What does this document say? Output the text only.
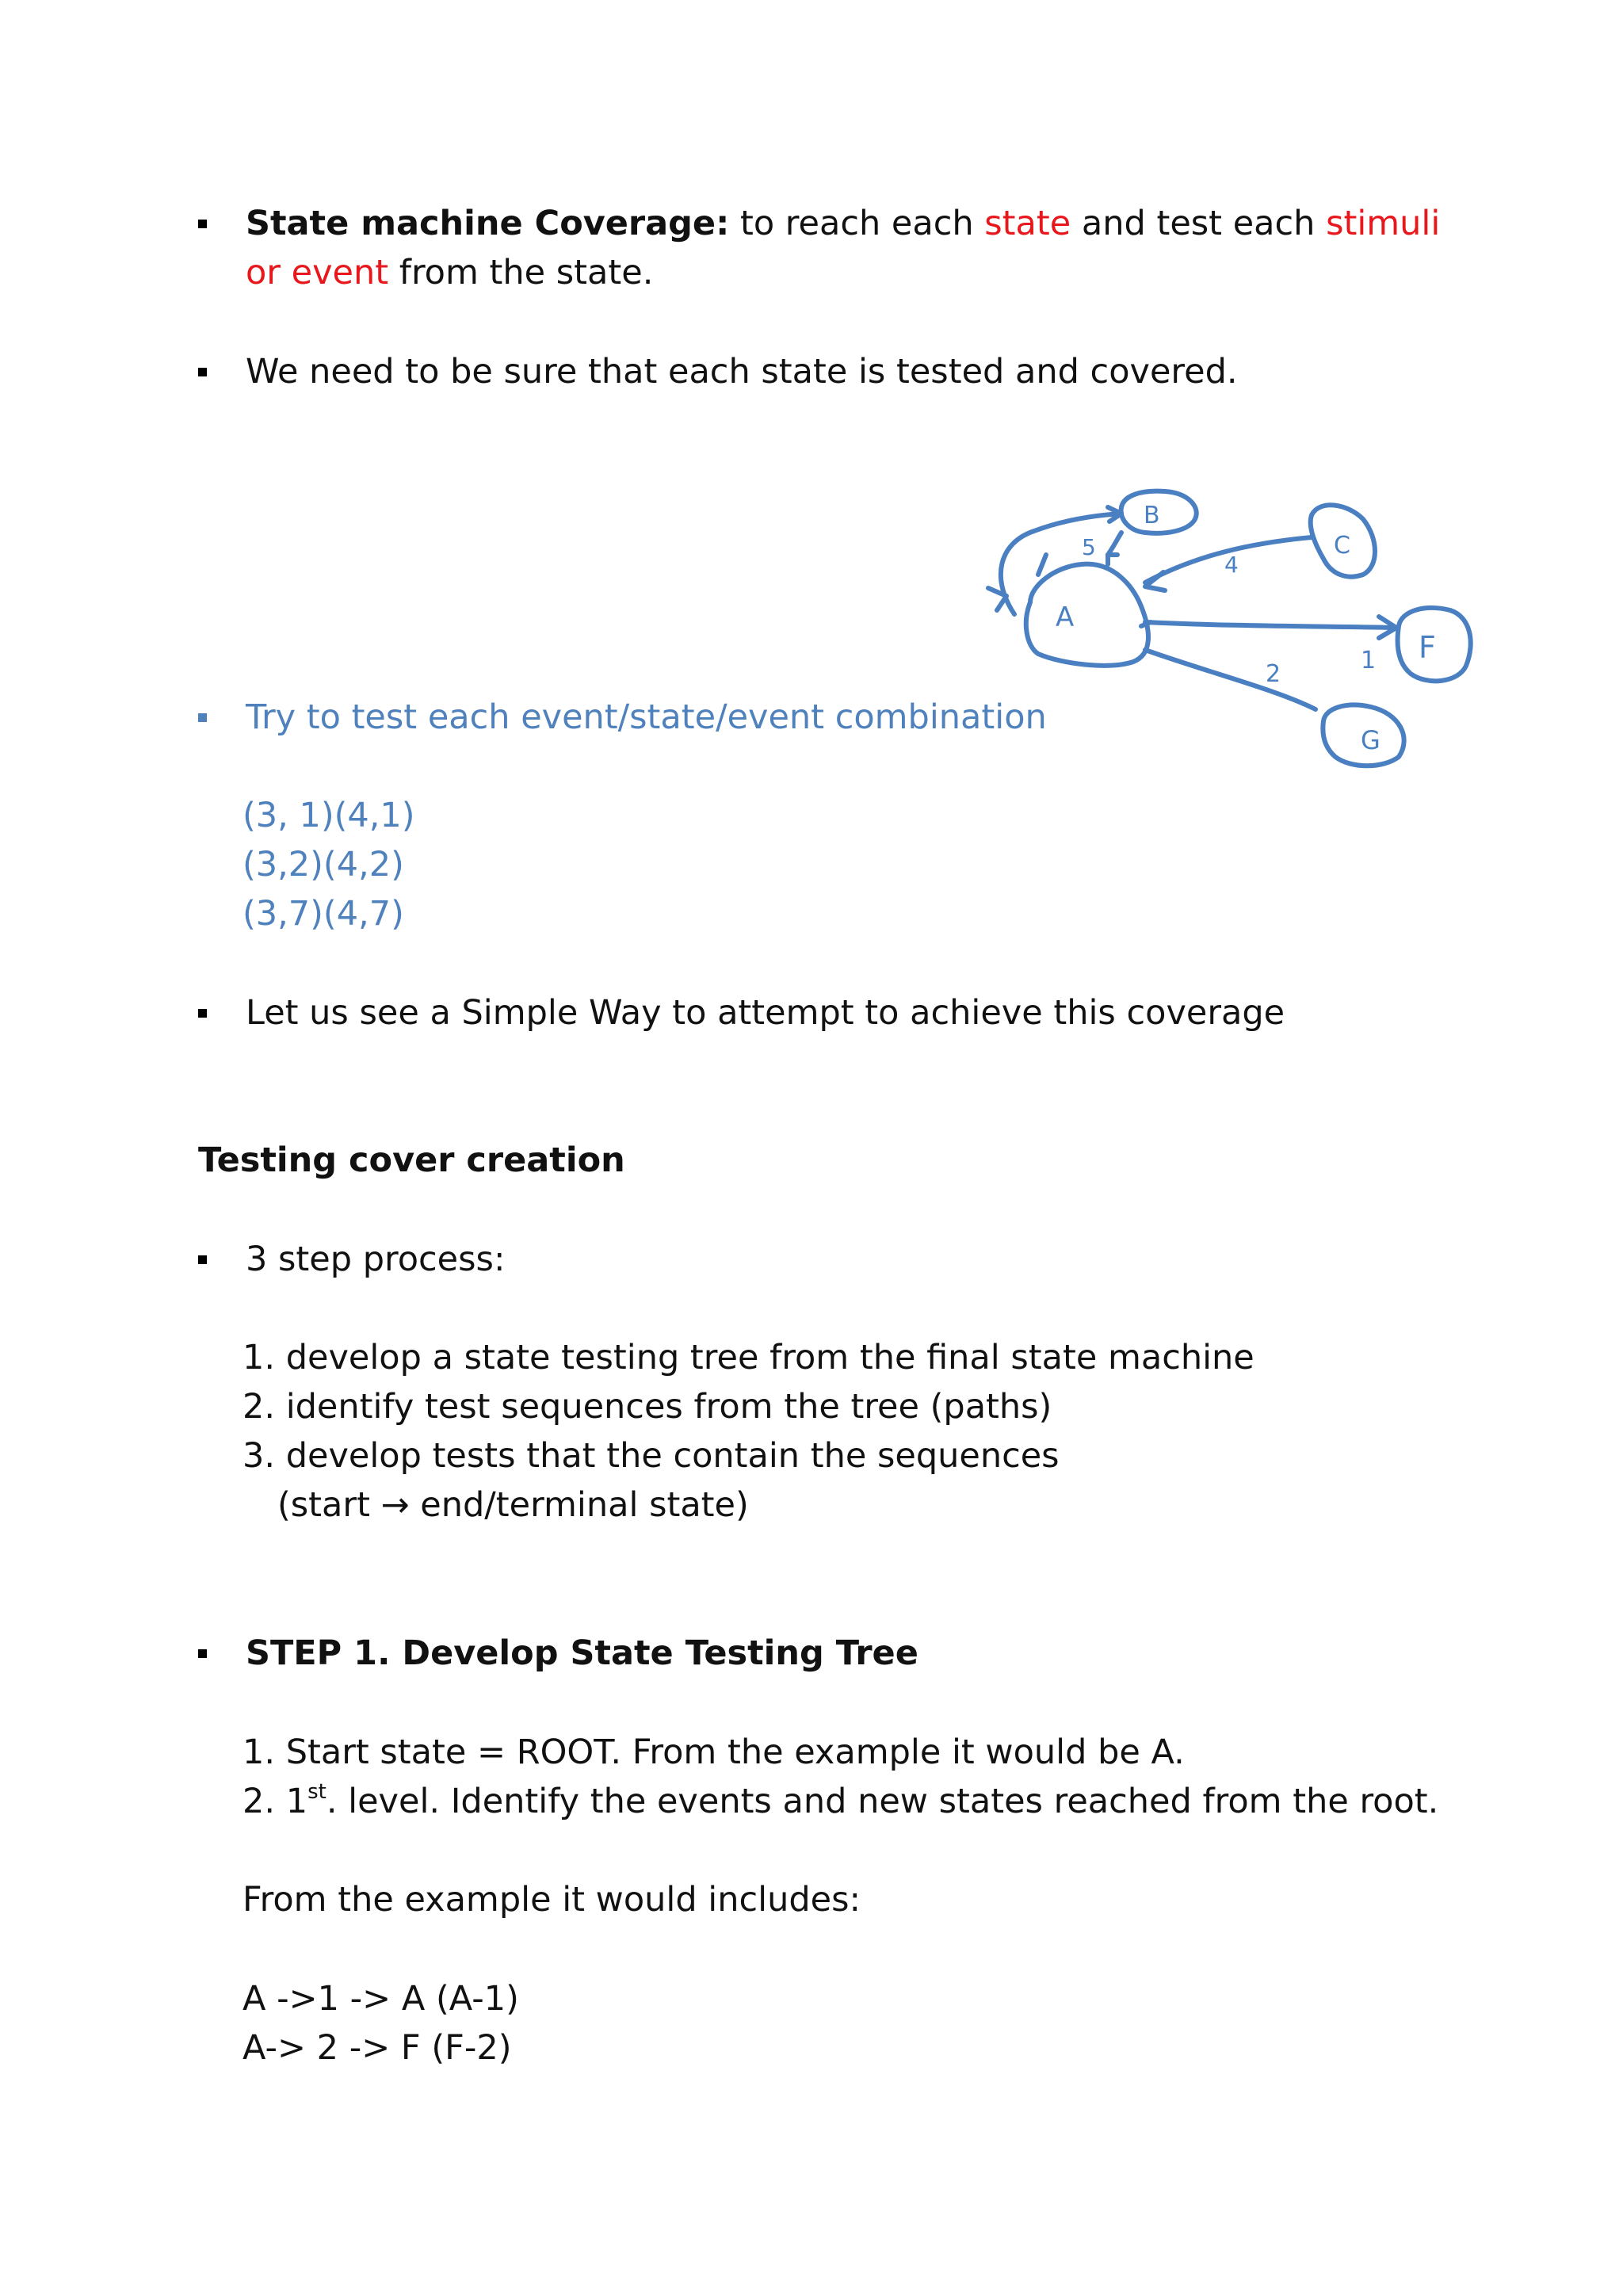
State machine Coverage: to reach each state and test each stimuli
or event from the state.
We need to be sure that each state is tested and covered.
Try to test each event/state/event combination
(3, 1)(4,1)
(3,2)(4,2)
(3,7)(4,7)
Let us see a Simple Way to attempt to achieve this coverage
A
B
C
F
G
5
4
2	1
E
Testing cover creation
3 step process:
1. develop a state testing tree from the final state machine
2. identify test sequences from the tree (paths)
3. develop tests that the contain the sequences
(start → end/terminal state)
STEP 1. Develop State Testing Tree
1. Start state = ROOT. From the example it would be A.
2. 1st. level. Identify the events and new states reached from the root.
From the example it would includes:
A ->1 -> A (A-1)
A-> 2 -> F (F-2)
